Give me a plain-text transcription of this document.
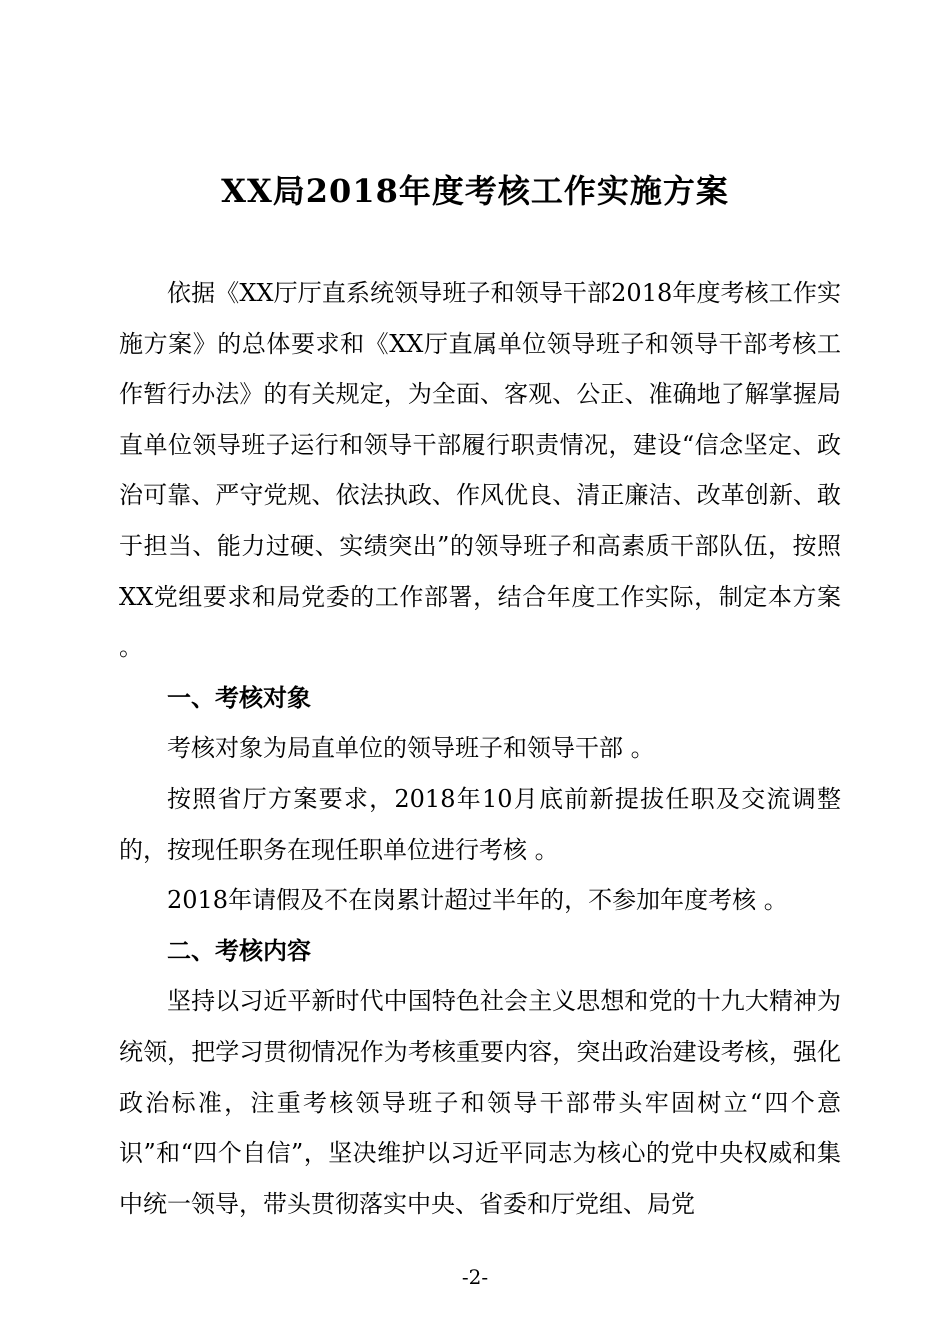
XX局2018年度考核工作实施方案

依据《XX厅厅直系统领导班子和领导干部2018年度考核工作实施方案》的总体要求和《XX厅直属单位领导班子和领导干部考核工作暂行办法》的有关规定，为全面、客观、公正、准确地了解掌握局直单位领导班子运行和领导干部履行职责情况，建设“信念坚定、政治可靠、严守党规、依法执政、作风优良、清正廉洁、改革创新、敢于担当、能力过硬、实绩突出”的领导班子和高素质干部队伍，按照XX党组要求和局党委的工作部署，结合年度工作实际，制定本方案 。

一、考核对象

考核对象为局直单位的领导班子和领导干部 。

按照省厅方案要求，2018年10月底前新提拔任职及交流调整的，按现任职务在现任职单位进行考核 。

2018年请假及不在岗累计超过半年的，不参加年度考核 。

二、考核内容

坚持以习近平新时代中国特色社会主义思想和党的十九大精神为统领，把学习贯彻情况作为考核重要内容，突出政治建设考核，强化政治标准，注重考核领导班子和领导干部带头牢固树立“四个意识”和“四个自信”，坚决维护以习近平同志为核心的党中央权威和集中统一领导，带头贯彻落实中央、省委和厅党组、局党

-2-
